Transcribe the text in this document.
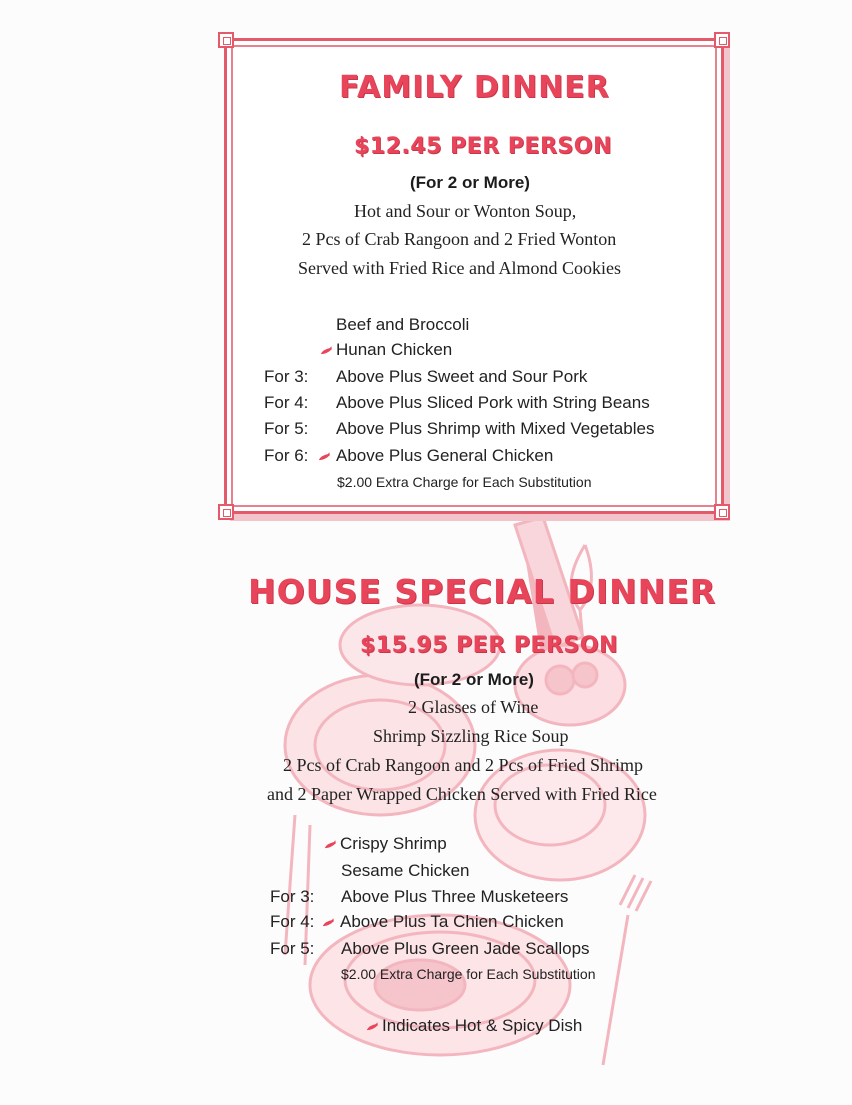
FAMILY DINNER
$12.45 PER PERSON
(For 2 or More)
Hot and Sour or Wonton Soup,
2 Pcs of Crab Rangoon and 2 Fried Wonton
Served with Fried Rice and Almond Cookies
Beef and Broccoli
Hunan Chicken
For 3: Above Plus Sweet and Sour Pork
For 4: Above Plus Sliced Pork with String Beans
For 5: Above Plus Shrimp with Mixed Vegetables
For 6: Above Plus General Chicken
$2.00 Extra Charge for Each Substitution
HOUSE SPECIAL DINNER
$15.95 PER PERSON
(For 2 or More)
2 Glasses of Wine
Shrimp Sizzling Rice Soup
2 Pcs of Crab Rangoon and 2 Pcs of Fried Shrimp
and 2 Paper Wrapped Chicken Served with Fried Rice
Crispy Shrimp
Sesame Chicken
For 3: Above Plus Three Musketeers
For 4: Above Plus Ta Chien Chicken
For 5: Above Plus Green Jade Scallops
$2.00 Extra Charge for Each Substitution
Indicates Hot & Spicy Dish
